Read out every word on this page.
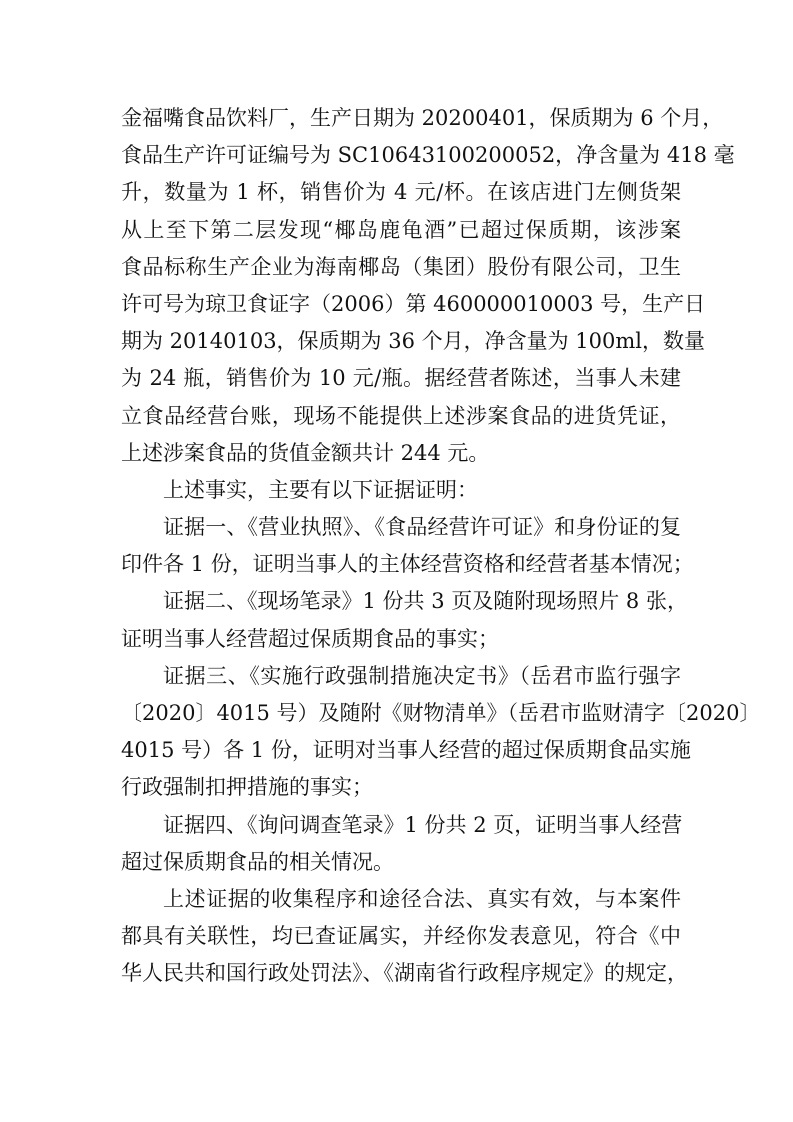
金福嘴食品饮料厂，生产日期为 20200401，保质期为 6 个月，
食品生产许可证编号为 SC10643100200052，净含量为 418 毫
升，数量为 1 杯，销售价为 4 元/杯。在该店进门左侧货架
从上至下第二层发现“椰岛鹿龟酒”已超过保质期，该涉案
食品标称生产企业为海南椰岛（集团）股份有限公司，卫生
许可号为琼卫食证字（2006）第 460000010003 号，生产日
期为 20140103，保质期为 36 个月，净含量为 100ml，数量
为 24 瓶，销售价为 10 元/瓶。据经营者陈述，当事人未建
立食品经营台账，现场不能提供上述涉案食品的进货凭证，
上述涉案食品的货值金额共计 244 元。
上述事实，主要有以下证据证明：
证据一、《营业执照》、《食品经营许可证》和身份证的复
印件各 1 份，证明当事人的主体经营资格和经营者基本情况；
证据二、《现场笔录》1 份共 3 页及随附现场照片 8 张，
证明当事人经营超过保质期食品的事实；
证据三、《实施行政强制措施决定书》（岳君市监行强字
〔2020〕4015 号）及随附《财物清单》（岳君市监财清字〔2020〕
4015 号）各 1 份，证明对当事人经营的超过保质期食品实施
行政强制扣押措施的事实；
证据四、《询问调查笔录》1 份共 2 页，证明当事人经营
超过保质期食品的相关情况。
上述证据的收集程序和途径合法、真实有效，与本案件
都具有关联性，均已查证属实，并经你发表意见，符合《中
华人民共和国行政处罚法》、《湖南省行政程序规定》的规定，
